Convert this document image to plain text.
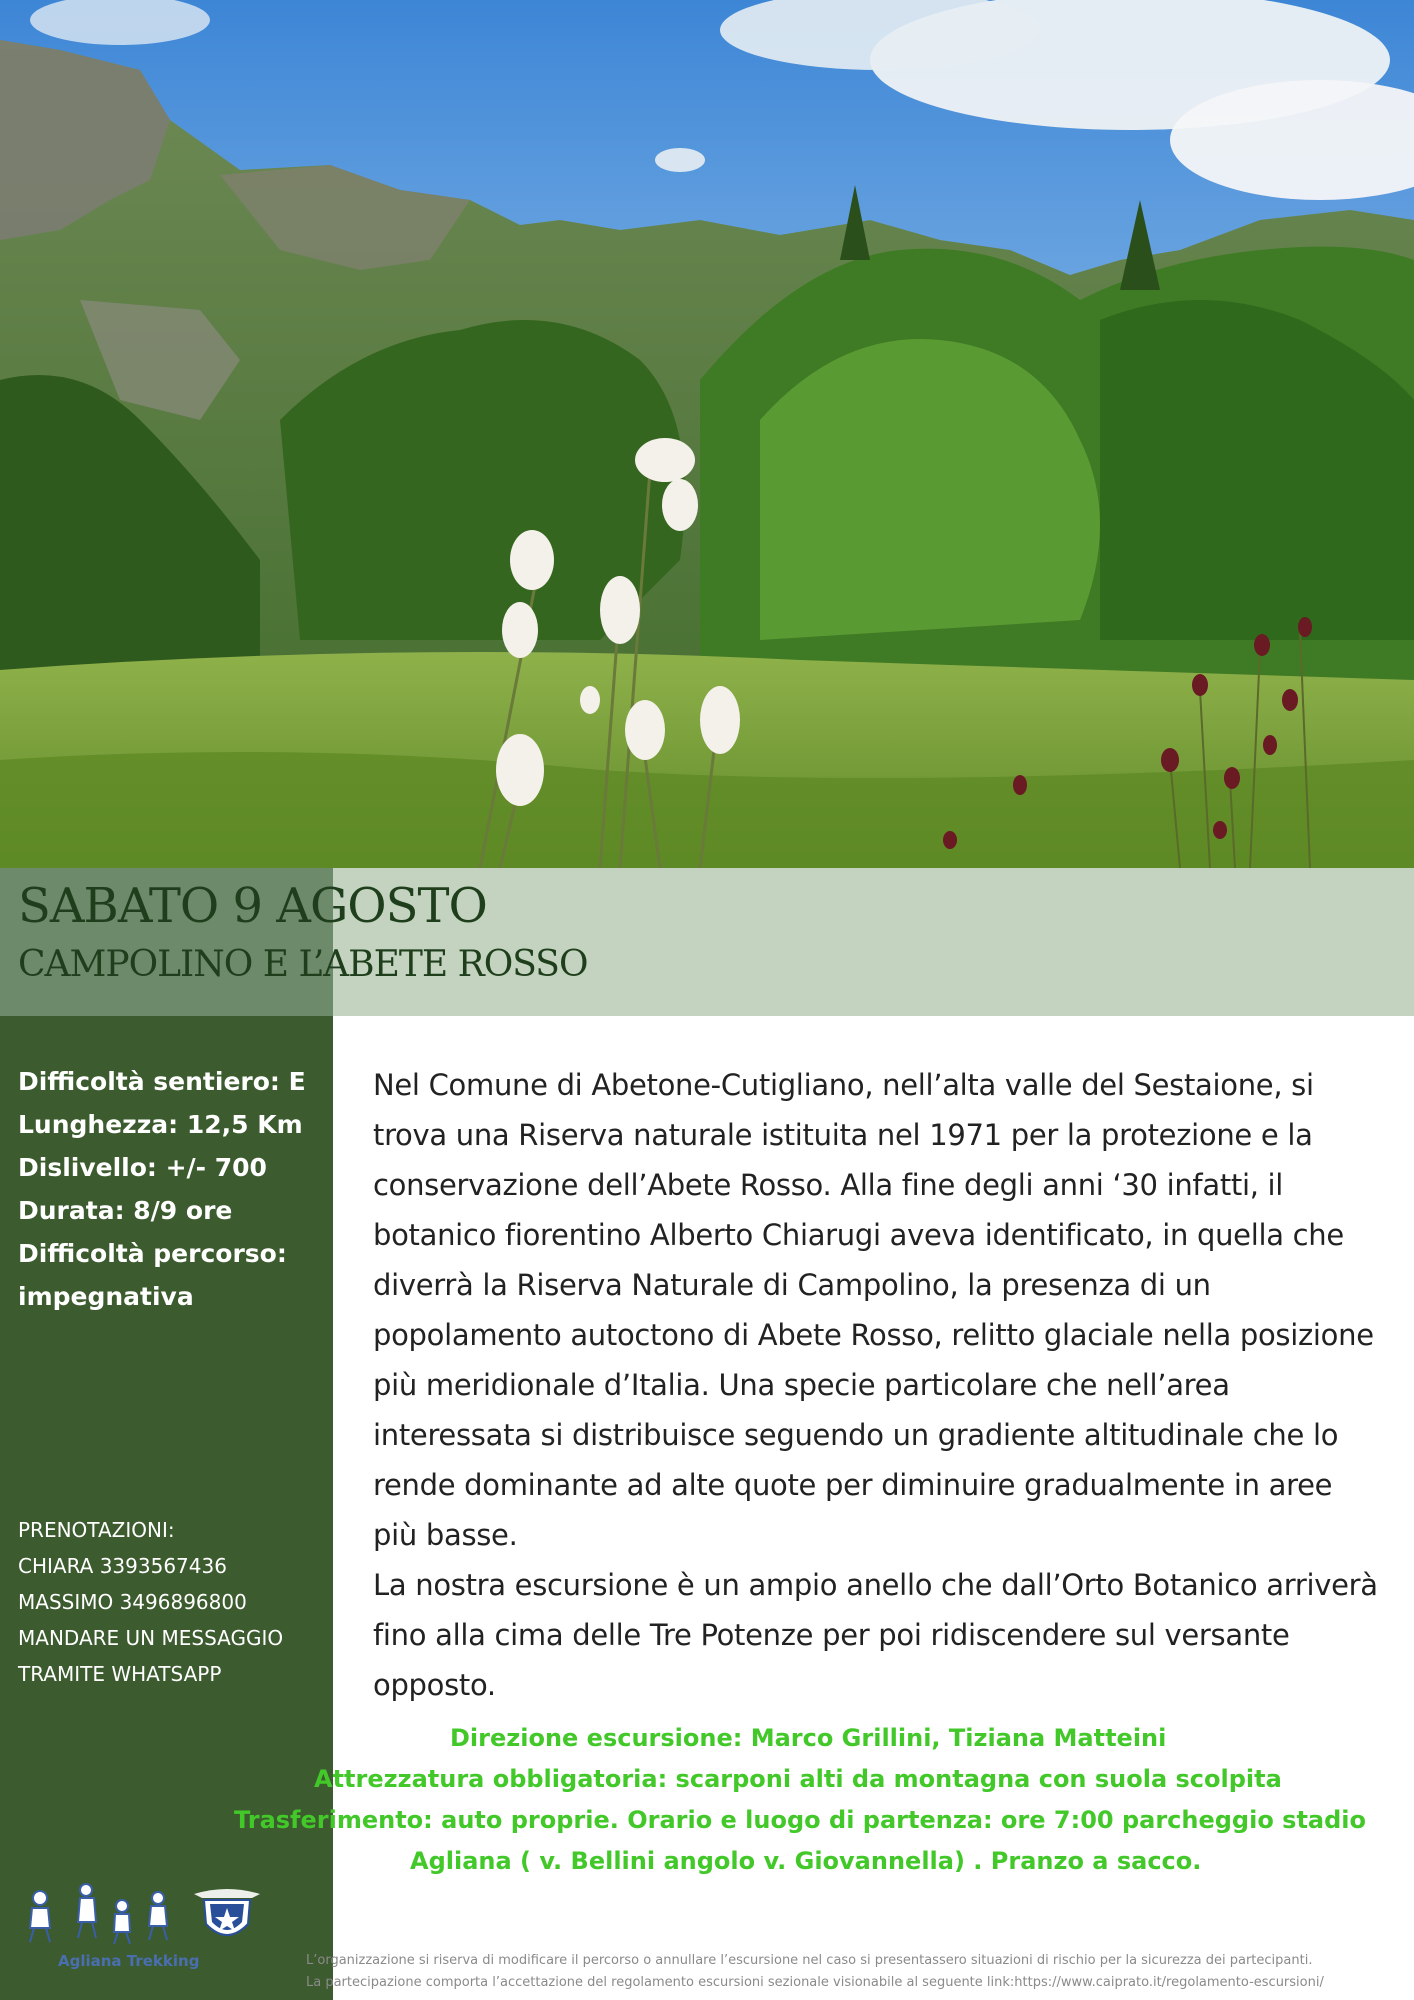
SABATO 9 AGOSTO
CAMPOLINO E L’ABETE ROSSO
Difficoltà sentiero: E
Lunghezza: 12,5 Km
Dislivello: +/- 700
Durata: 8/9 ore
Difficoltà percorso:
impegnativa
PRENOTAZIONI:
CHIARA 3393567436
MASSIMO 3496896800
MANDARE UN MESSAGGIO
TRAMITE WHATSAPP
Agliana Trekking

Nel Comune di Abetone-Cutigliano, nell’alta valle del Sestaione, si trova una Riserva naturale istituita nel 1971 per la protezione e la conservazione dell’Abete Rosso. Alla fine degli anni ‘30 infatti, il botanico fiorentino Alberto Chiarugi aveva identificato, in quella che diverrà la Riserva Naturale di Campolino, la presenza di un popolamento autoctono di Abete Rosso, relitto glaciale nella posizione più meridionale d’Italia. Una specie particolare che nell’area interessata si distribuisce seguendo un gradiente altitudinale che lo rende dominante ad alte quote per diminuire gradualmente in aree più basse.

La nostra escursione è un ampio anello che dall’Orto Botanico arriverà fino alla cima delle Tre Potenze per poi ridiscendere sul versante opposto.

Direzione escursione: Marco Grillini, Tiziana Matteini
Attrezzatura obbligatoria: scarponi alti da montagna con suola scolpita
Trasferimento: auto proprie. Orario e luogo di partenza: ore 7:00 parcheggio stadio
Agliana ( v. Bellini angolo v. Giovannella) . Pranzo a sacco.
L’organizzazione si riserva di modificare il percorso o annullare l’escursione nel caso si presentassero situazioni di rischio per la sicurezza dei partecipanti.
La partecipazione comporta l’accettazione del regolamento escursioni sezionale visionabile al seguente link:https://www.caiprato.it/regolamento-escursioni/
